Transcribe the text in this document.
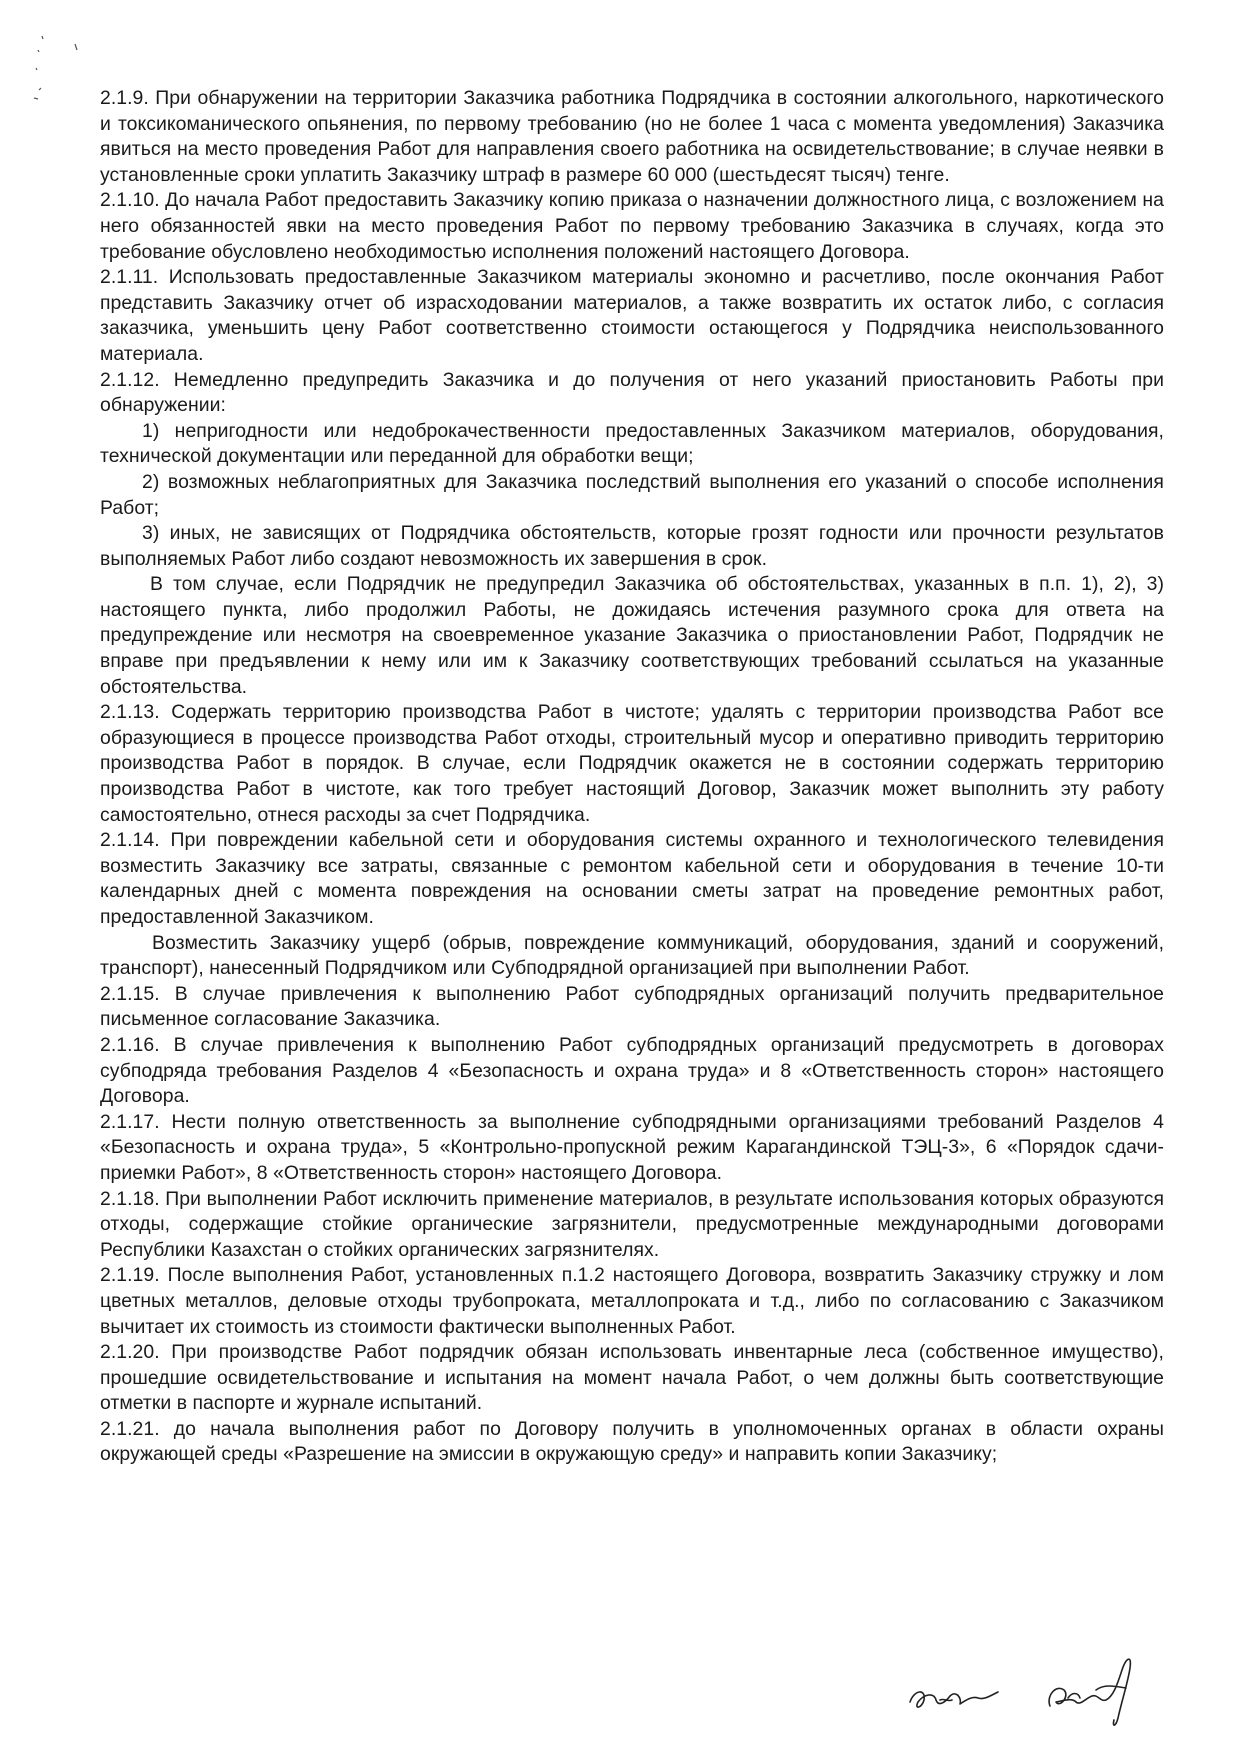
2.1.9. При обнаружении на территории Заказчика работника Подрядчика в состоянии алкогольного, наркотического и токсикоманического опьянения, по первому требованию (но не более 1 часа с момента уведомления) Заказчика явиться на место проведения Работ для направления своего работника на освидетельствование; в случае неявки в установленные сроки уплатить Заказчику штраф в размере 60 000 (шестьдесят тысяч) тенге.

2.1.10. До начала Работ предоставить Заказчику копию приказа о назначении должностного лица, с возложением на него обязанностей явки на место проведения Работ по первому требованию Заказчика в случаях, когда это требование обусловлено необходимостью исполнения положений настоящего Договора.

2.1.11. Использовать предоставленные Заказчиком материалы экономно и расчетливо, после окончания Работ представить Заказчику отчет об израсходовании материалов, а также возвратить их остаток либо, с согласия заказчика, уменьшить цену Работ соответственно стоимости остающегося у Подрядчика неиспользованного материала.

2.1.12. Немедленно предупредить Заказчика и до получения от него указаний приостановить Работы при обнаружении:

1) непригодности или недоброкачественности предоставленных Заказчиком материалов, оборудования, технической документации или переданной для обработки вещи;

2) возможных неблагоприятных для Заказчика последствий выполнения его указаний о способе исполнения Работ;

3) иных, не зависящих от Подрядчика обстоятельств, которые грозят годности или прочности результатов выполняемых Работ либо создают невозможность их завершения в срок.

В том случае, если Подрядчик не предупредил Заказчика об обстоятельствах, указанных в п.п. 1), 2), 3) настоящего пункта, либо продолжил Работы, не дожидаясь истечения разумного срока для ответа на предупреждение или несмотря на своевременное указание Заказчика о приостановлении Работ, Подрядчик не вправе при предъявлении к нему или им к Заказчику соответствующих требований ссылаться на указанные обстоятельства.

2.1.13. Содержать территорию производства Работ в чистоте; удалять с территории производства Работ все образующиеся в процессе производства Работ отходы, строительный мусор и оперативно приводить территорию производства Работ в порядок. В случае, если Подрядчик окажется не в состоянии содержать территорию производства Работ в чистоте, как того требует настоящий Договор, Заказчик может выполнить эту работу самостоятельно, отнеся расходы за счет Подрядчика.

2.1.14. При повреждении кабельной сети и оборудования системы охранного и технологического телевидения возместить Заказчику все затраты, связанные с ремонтом кабельной сети и оборудования в течение 10-ти календарных дней с момента повреждения на основании сметы затрат на проведение ремонтных работ, предоставленной Заказчиком.

Возместить Заказчику ущерб (обрыв, повреждение коммуникаций, оборудования, зданий и сооружений, транспорт), нанесенный Подрядчиком или Субподрядной организацией при выполнении Работ.

2.1.15. В случае привлечения к выполнению Работ субподрядных организаций получить предварительное письменное согласование Заказчика.

2.1.16. В случае привлечения к выполнению Работ субподрядных организаций предусмотреть в договорах субподряда требования Разделов 4 «Безопасность и охрана труда» и 8 «Ответственность сторон» настоящего Договора.

2.1.17. Нести полную ответственность за выполнение субподрядными организациями требований Разделов 4 «Безопасность и охрана труда», 5 «Контрольно-пропускной режим Карагандинской ТЭЦ-3», 6 «Порядок сдачи-приемки Работ», 8 «Ответственность сторон» настоящего Договора.

2.1.18. При выполнении Работ исключить применение материалов, в результате использования которых образуются отходы, содержащие стойкие органические загрязнители, предусмотренные международными договорами Республики Казахстан о стойких органических загрязнителях.

2.1.19. После выполнения Работ, установленных п.1.2 настоящего Договора, возвратить Заказчику стружку и лом цветных металлов, деловые отходы трубопроката, металлопроката и т.д., либо по согласованию с Заказчиком вычитает их стоимость из стоимости фактически выполненных Работ.

2.1.20. При производстве Работ подрядчик обязан использовать инвентарные леса (собственное имущество), прошедшие освидетельствование и испытания на момент начала Работ, о чем должны быть соответствующие отметки в паспорте и журнале испытаний.

2.1.21. до начала выполнения работ по Договору получить в уполномоченных органах в области охраны окружающей среды «Разрешение на эмиссии в окружающую среду» и направить копии Заказчику;
